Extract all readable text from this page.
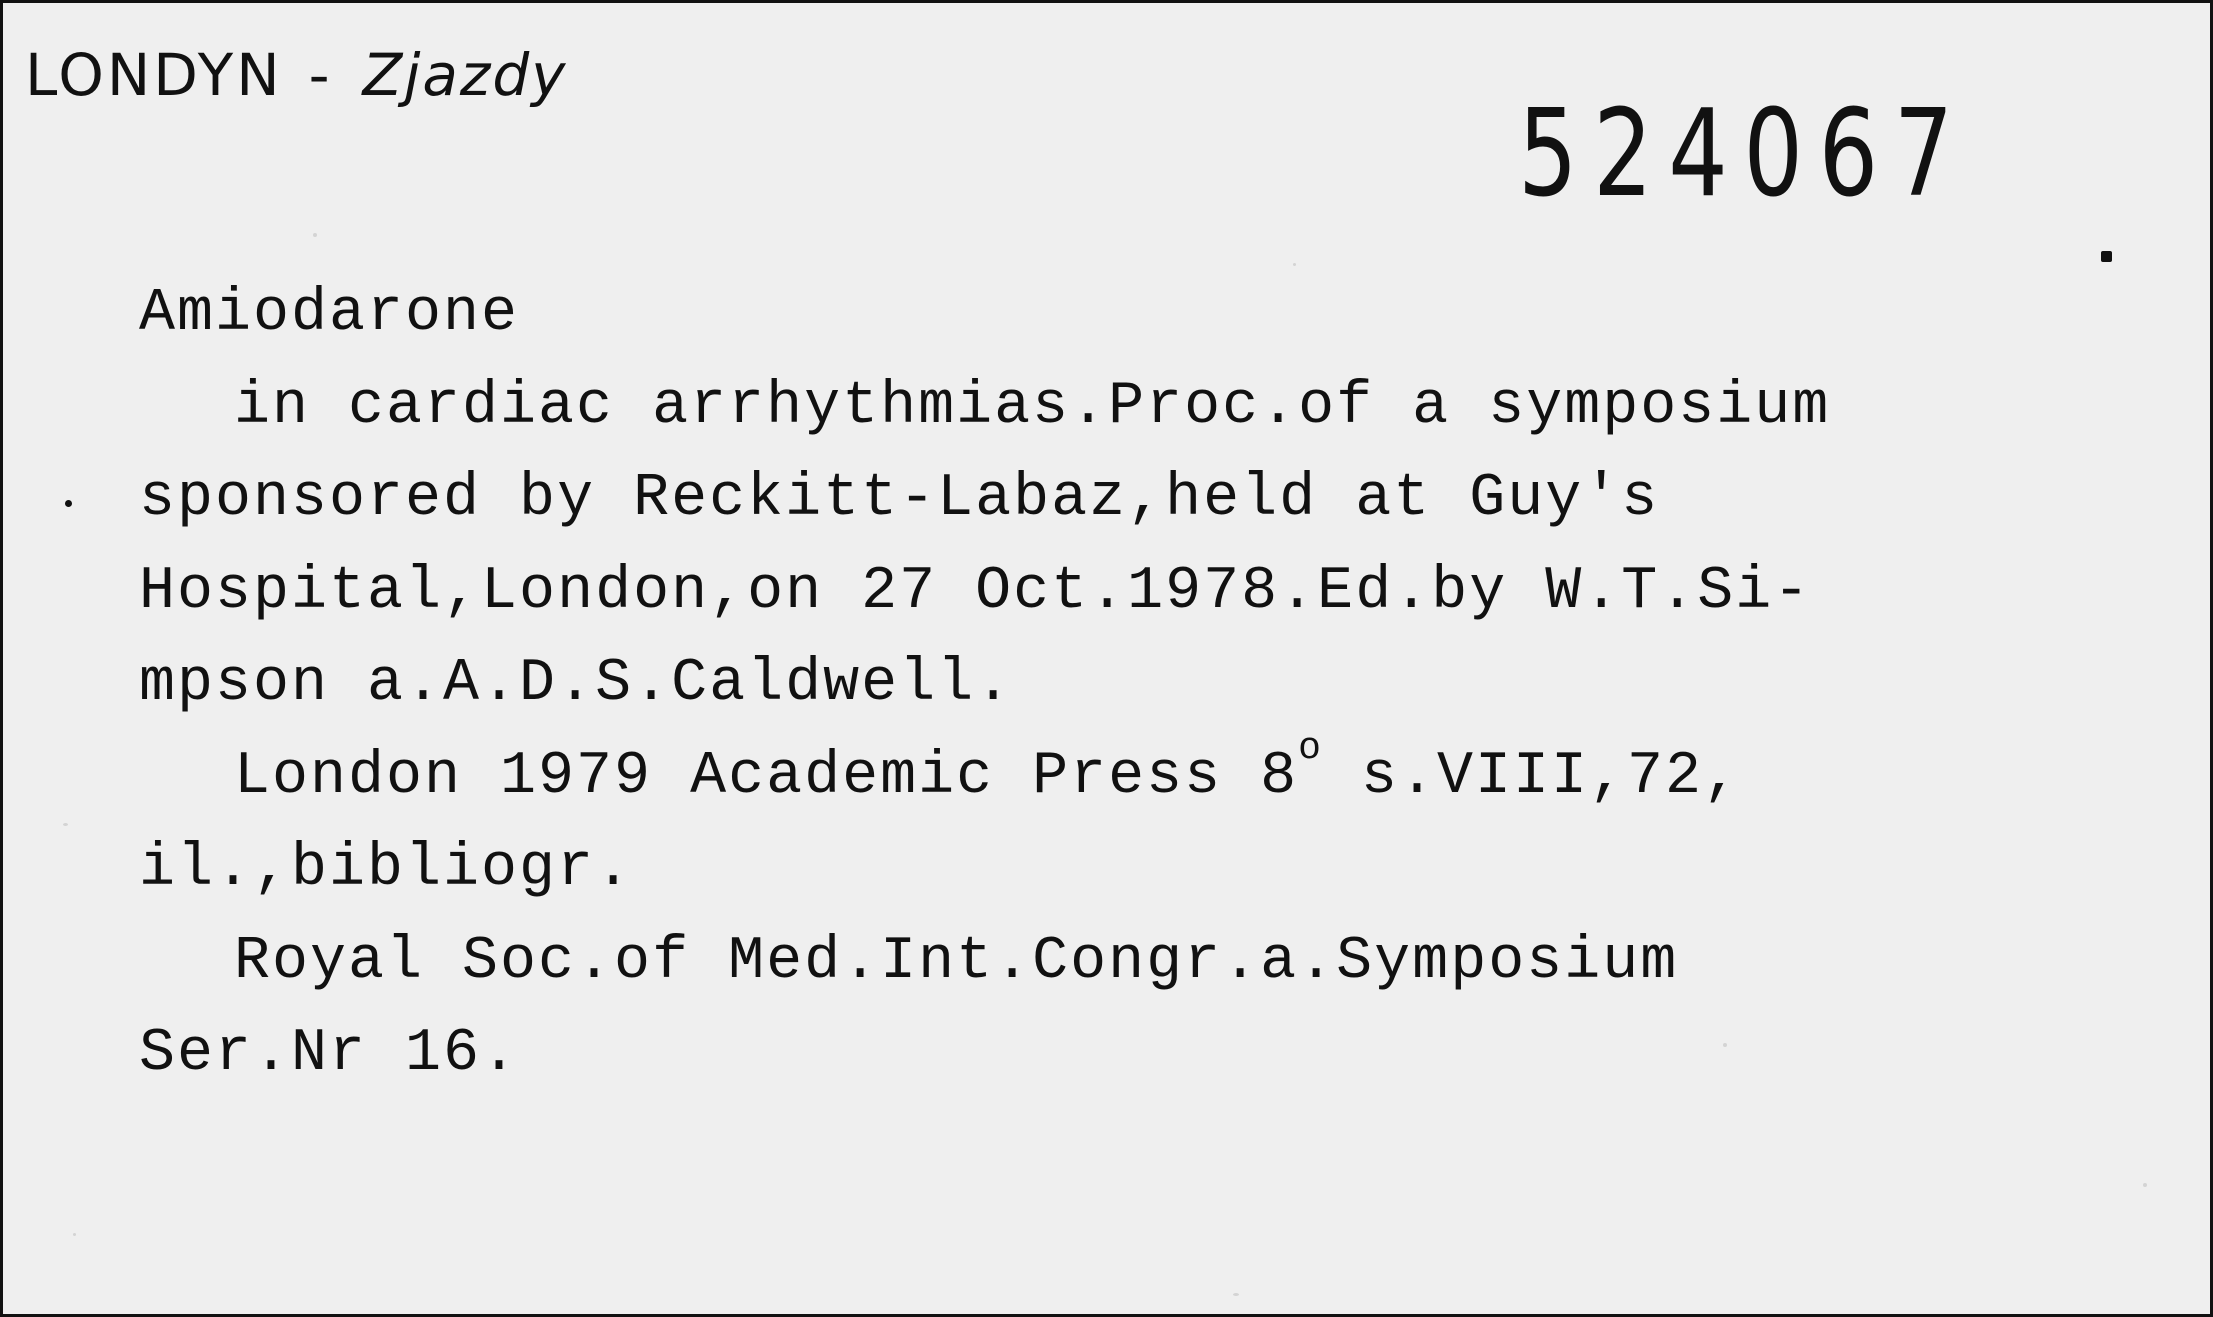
LONDYN - Zjazdy
524067
Amiodarone
in cardiac arrhythmias.Proc.of a symposium
sponsored by Reckitt-Labaz,held at Guy's
Hospital,London,on 27 Oct.1978.Ed.by W.T.Si-
mpson a.A.D.S.Caldwell.
London 1979 Academic Press 8$^o$ s.VIII,72,
il.,bibliogr.
Royal Soc.of Med.Int.Congr.a.Symposium
Ser.Nr 16.
